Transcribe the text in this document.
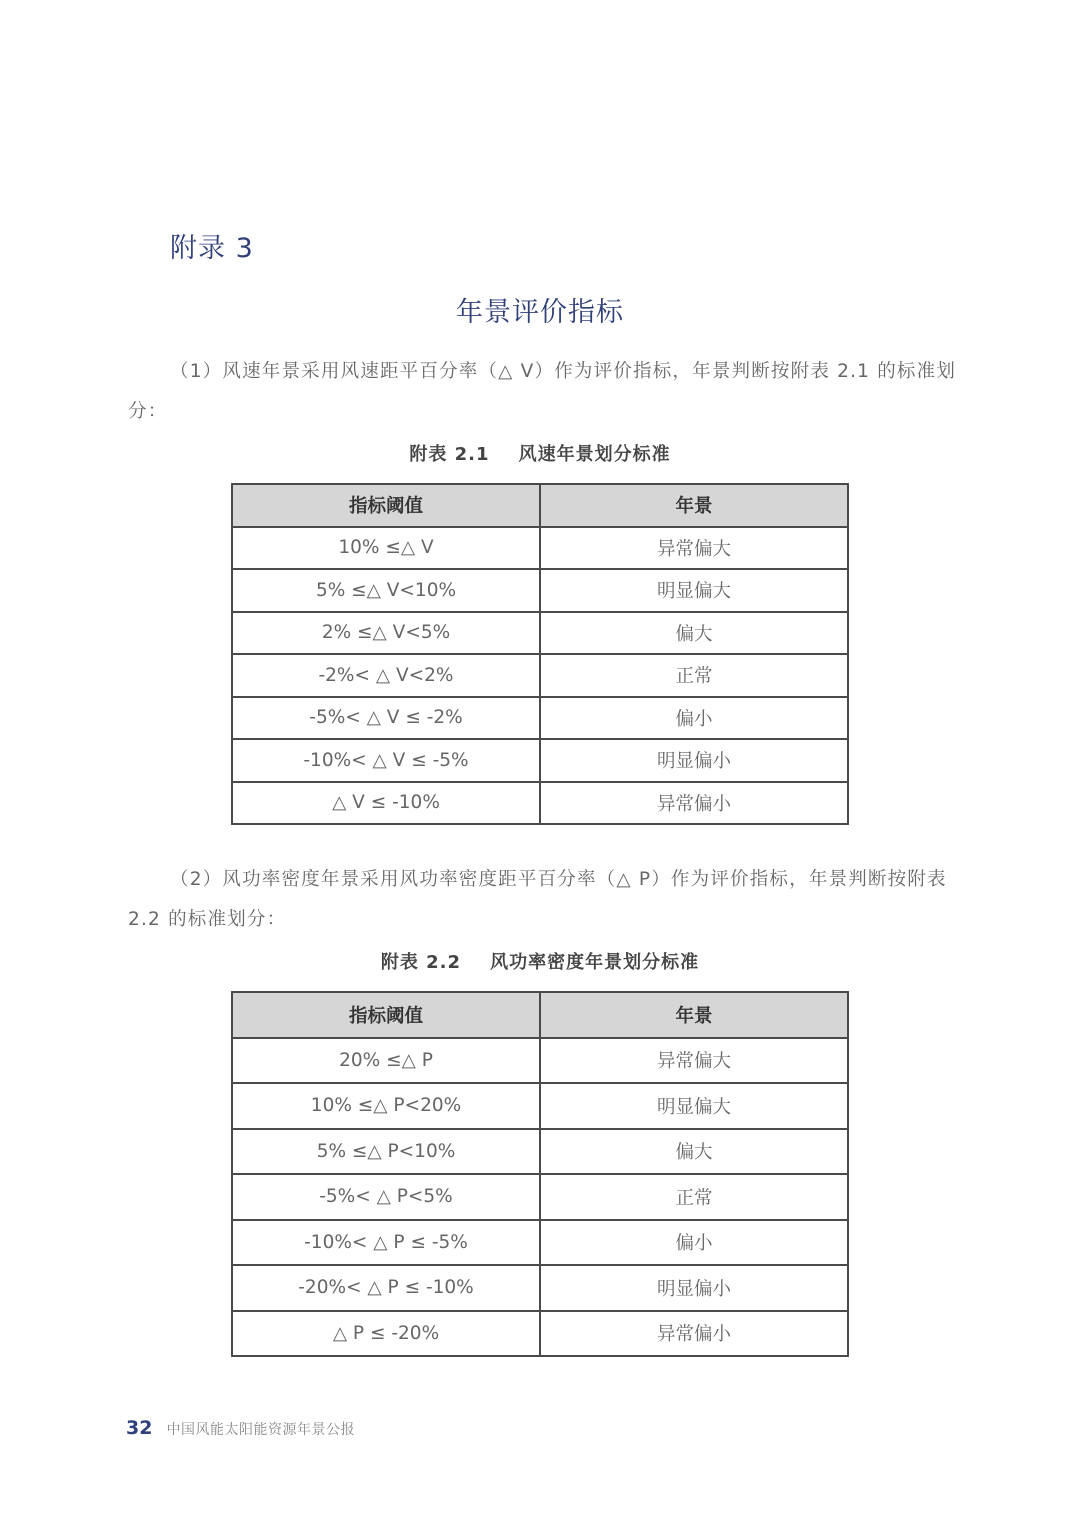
附录 3
年景评价指标

（1）风速年景采用风速距平百分率（△ V）作为评价指标，年景判断按附表 2.1 的标准划分：

附表 2.1    风速年景划分标准
指标阈值	年景
10% ≤△ V	异常偏大
5% ≤△ V<10%	明显偏大
2% ≤△ V<5%	偏大
-2%< △ V<2%	正常
-5%< △ V ≤ -2%	偏小
-10%< △ V ≤ -5%	明显偏小
△ V ≤ -10%	异常偏小

（2）风功率密度年景采用风功率密度距平百分率（△ P）作为评价指标，年景判断按附表 2.2 的标准划分：

附表 2.2    风功率密度年景划分标准
指标阈值	年景
20% ≤△ P	异常偏大
10% ≤△ P<20%	明显偏大
5% ≤△ P<10%	偏大
-5%< △ P<5%	正常
-10%< △ P ≤ -5%	偏小
-20%< △ P ≤ -10%	明显偏小
△ P ≤ -20%	异常偏小
32 中国风能太阳能资源年景公报
